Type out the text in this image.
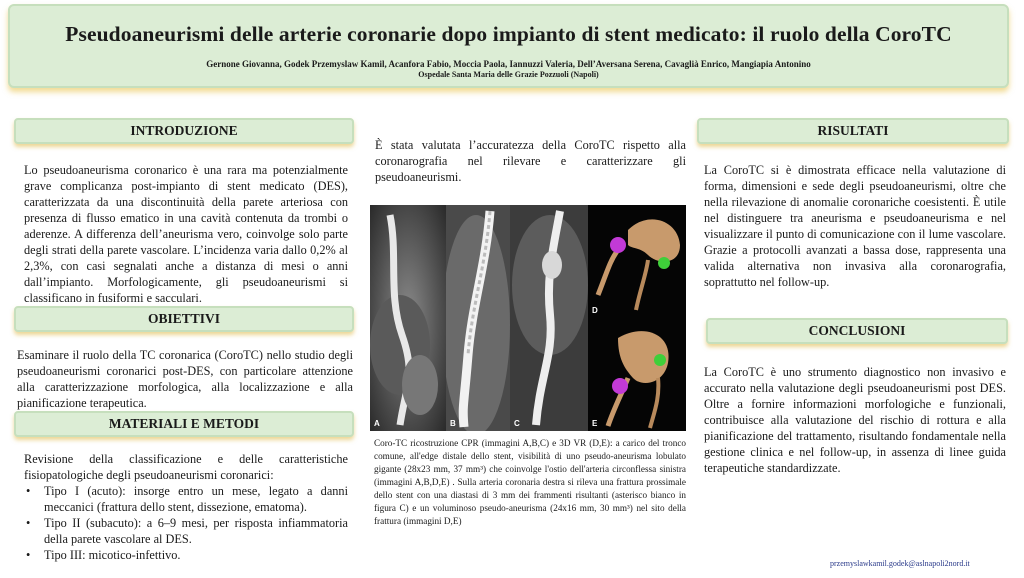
Pseudoaneurismi delle arterie coronarie dopo impianto di stent medicato: il ruolo della CoroTC
Gernone Giovanna, Godek Przemyslaw Kamil, Acanfora Fabio, Moccia Paola, Iannuzzi Valeria, Dell’Aversana Serena, Cavaglià Enrico, Mangiapia Antonino
Ospedale Santa Maria delle Grazie Pozzuoli (Napoli)
INTRODUZIONE
Lo pseudoaneurisma coronarico è una rara ma potenzialmente grave complicanza post-impianto di stent medicato (DES), caratterizzata da una discontinuità della parete arteriosa con presenza di flusso ematico in una cavità contenuta da trombi o aderenze. A differenza dell’aneurisma vero, coinvolge solo parte degli strati della parete vascolare. L’incidenza varia dallo 0,2% al 2,3%, con casi segnalati anche a distanza di mesi o anni dall’impianto. Morfologicamente, gli pseudoaneurismi si classificano in fusiformi e sacculari.
OBIETTIVI
Esaminare il ruolo della TC coronarica (CoroTC) nello studio degli pseudoaneurismi coronarici post-DES, con particolare attenzione alla caratterizzazione morfologica, alla localizzazione e alla pianificazione terapeutica.
MATERIALI E METODI
Revisione della classificazione e delle caratteristiche fisiopatologiche degli pseudoaneurismi coronarici:
• Tipo I (acuto): insorge entro un mese, legato a danni meccanici (frattura dello stent, dissezione, ematoma).
• Tipo II (subacuto): a 6–9 mesi, per risposta infiammatoria della parete vascolare al DES.
• Tipo III: micotico-infettivo.
È stata valutata l’accuratezza della CoroTC rispetto alla coronarografia nel rilevare e caratterizzare gli pseudoaneurismi.
A	B	C
D
E
Coro-TC ricostruzione CPR (immagini A,B,C) e 3D VR (D,E): a carico del tronco comune, all'edge distale dello stent, visibilità di uno pseudo-aneurisma lobulato gigante (28x23 mm, 37 mm³) che coinvolge l'ostio dell'arteria circonflessa sinistra (immagini A,B,D,E) . Sulla arteria coronaria destra si rileva una frattura prossimale dello stent con una diastasi di 3 mm dei frammenti risultanti (asterisco bianco in figura C) e un voluminoso pseudo-aneurisma (24x16 mm, 30 mm³) nel sito della frattura (immagini D,E)
RISULTATI
La CoroTC si è dimostrata efficace nella valutazione di forma, dimensioni e sede degli pseudoaneurismi, oltre che nella rilevazione di anomalie coronariche coesistenti. È utile nel distinguere tra aneurisma e pseudoaneurisma e nel visualizzare il punto di comunicazione con il lume vascolare. Grazie a protocolli avanzati a bassa dose, rappresenta una valida alternativa non invasiva alla coronarografia, soprattutto nel follow-up.
CONCLUSIONI
La CoroTC è uno strumento diagnostico non invasivo e accurato nella valutazione degli pseudoaneurismi post DES. Oltre a fornire informazioni morfologiche e funzionali, contribuisce alla valutazione del rischio di rottura e alla pianificazione del trattamento, risultando fondamentale nella gestione clinica e nel follow-up, in assenza di linee guida terapeutiche standardizzate.
przemyslawkamil.godek@aslnapoli2nord.it
